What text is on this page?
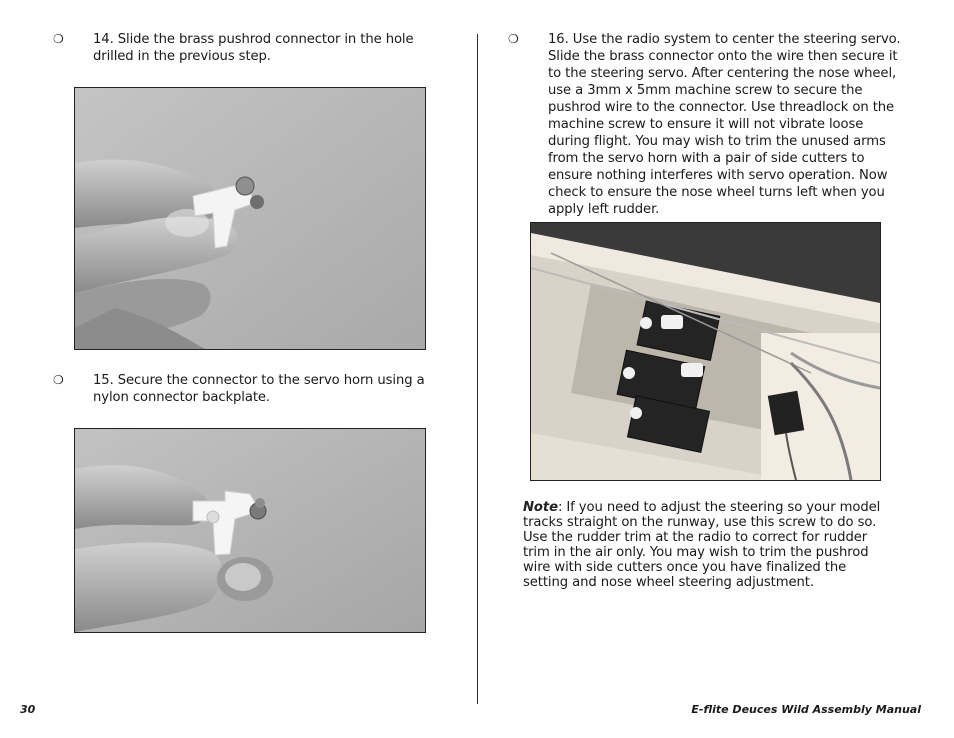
❍ 14. Slide the brass pushrod connector in the hole drilled in the previous step.

❍ 15. Secure the connector to the servo horn using a nylon connector backplate.

❍ 16. Use the radio system to center the steering servo. Slide the brass connector onto the wire then secure it to the steering servo. After centering the nose wheel, use a 3mm x 5mm machine screw to secure the pushrod wire to the connector. Use threadlock on the machine screw to ensure it will not vibrate loose during flight. You may wish to trim the unused arms from the servo horn with a pair of side cutters to ensure nothing interferes with servo operation. Now check to ensure the nose wheel turns left when you apply left rudder.

Note: If you need to adjust the steering so your model tracks straight on the runway, use this screw to do so. Use the rudder trim at the radio to correct for rudder trim in the air only. You may wish to trim the pushrod wire with side cutters once you have finalized the setting and nose wheel steering adjustment.

30	E-flite Deuces Wild Assembly Manual
